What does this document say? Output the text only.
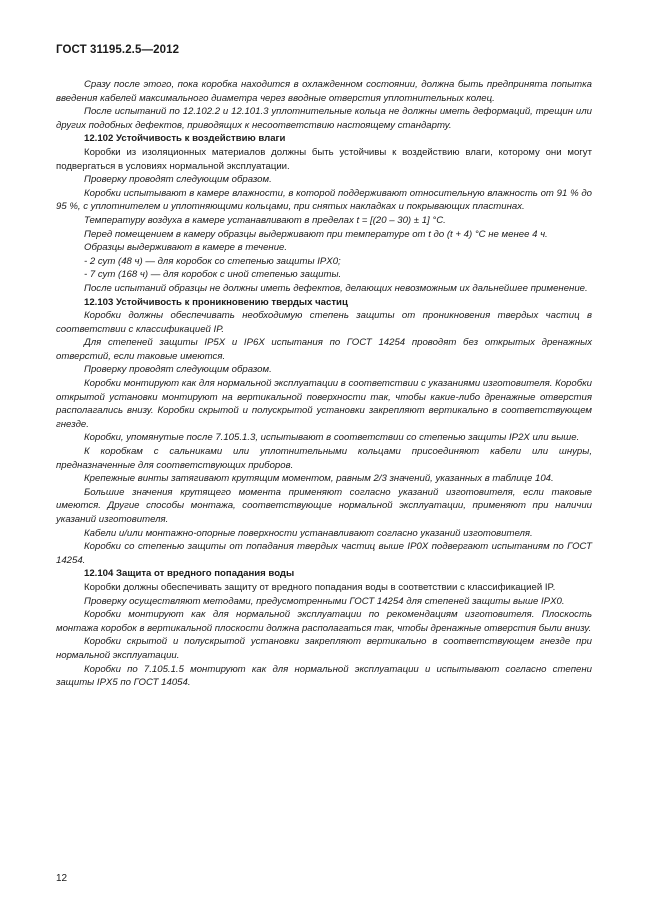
ГОСТ 31195.2.5—2012

Сразу после этого, пока коробка находится в охлажденном состоянии, должна быть предпринята попытка введения кабелей максимального диаметра через вводные отверстия уплотнительных колец.

После испытаний по 12.102.2 и 12.101.3 уплотнительные кольца не должны иметь деформаций, трещин или других подобных дефектов, приводящих к несоответствию настоящему стандарту.

12.102 Устойчивость к воздействию влаги

Коробки из изоляционных материалов должны быть устойчивы к воздействию влаги, которому они могут подвергаться в условиях нормальной эксплуатации.

Проверку проводят следующим образом.

Коробки испытывают в камере влажности, в которой поддерживают относительную влажность от 91 % до 95 %, с уплотнителем и уплотняющими кольцами, при снятых накладках и покрывающих пластинах.

Температуру воздуха в камере устанавливают в пределах t = [(20 – 30) ± 1] °С.

Перед помещением в камеру образцы выдерживают при температуре от t до (t + 4) °С не менее 4 ч.

Образцы выдерживают в камере в течение.

- 2 сут (48 ч) — для коробок со степенью защиты IPX0;

- 7 сут (168 ч) — для коробок с иной степенью защиты.

После испытаний образцы не должны иметь дефектов, делающих невозможным их дальнейшее применение.

12.103 Устойчивость к проникновению твердых частиц

Коробки должны обеспечивать необходимую степень защиты от проникновения твердых частиц в соответствии с классификацией IP.

Для степеней защиты IP5X и IP6X испытания по ГОСТ 14254 проводят без открытых дренажных отверстий, если таковые имеются.

Проверку проводят следующим образом.

Коробки монтируют как для нормальной эксплуатации в соответствии с указаниями изготовителя. Коробки открытой установки монтируют на вертикальной поверхности так, чтобы какие-либо дренажные отверстия располагались внизу. Коробки скрытой и полускрытой установки закрепляют вертикально в соответствующем гнезде.

Коробки, упомянутые после 7.105.1.3, испытывают в соответствии со степенью защиты IP2X или выше.

К коробкам с сальниками или уплотнительными кольцами присоединяют кабели или шнуры, предназначенные для соответствующих приборов.

Крепежные винты затягивают крутящим моментом, равным 2/3 значений, указанных в таблице 104.

Большие значения крутящего момента применяют согласно указаний изготовителя, если таковые имеются. Другие способы монтажа, соответствующие нормальной эксплуатации, применяют при наличии указаний изготовителя.

Кабели и/или монтажно-опорные поверхности устанавливают согласно указаний изготовителя.

Коробки со степенью защиты от попадания твердых частиц выше IP0X подвергают испытаниям по ГОСТ 14254.

12.104 Защита от вредного попадания воды

Коробки должны обеспечивать защиту от вредного попадания воды в соответствии с классификацией IP.

Проверку осуществляют методами, предусмотренными ГОСТ 14254 для степеней защиты выше IPX0.

Коробки монтируют как для нормальной эксплуатации по рекомендациям изготовителя. Плоскость монтажа коробок в вертикальной плоскости должна располагаться так, чтобы дренажные отверстия были внизу.

Коробки скрытой и полускрытой установки закрепляют вертикально в соответствующем гнезде при нормальной эксплуатации.

Коробки по 7.105.1.5 монтируют как для нормальной эксплуатации и испытывают согласно степени защиты IPX5 по ГОСТ 14054.

12
